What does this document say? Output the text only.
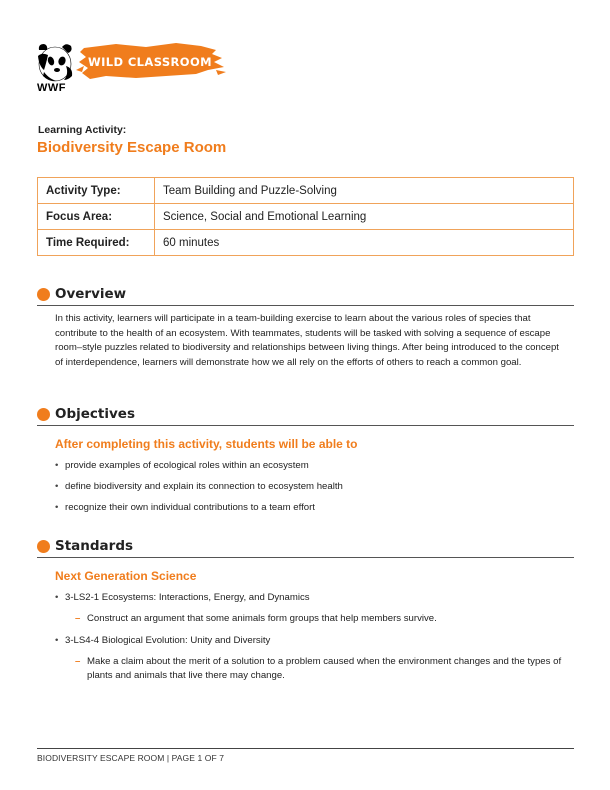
WWF
WILD CLASSROOM
Learning Activity:
Biodiversity Escape Room
Activity Type:	Team Building and Puzzle-Solving
Focus Area:	Science, Social and Emotional Learning
Time Required:	60 minutes
Overview
In this activity, learners will participate in a team-building exercise to learn about the various roles of species that contribute to the health of an ecosystem. With teammates, students will be tasked with solving a sequence of escape room–style puzzles related to biodiversity and relationships between living things. After being introduced to the concept of interdependence, learners will demonstrate how we all rely on the efforts of others to reach a common goal.
Objectives
After completing this activity, students will be able to
• provide examples of ecological roles within an ecosystem
• define biodiversity and explain its connection to ecosystem health
• recognize their own individual contributions to a team effort
Standards
Next Generation Science
• 3-LS2-1 Ecosystems: Interactions, Energy, and Dynamics
– Construct an argument that some animals form groups that help members survive.
• 3-LS4-4 Biological Evolution: Unity and Diversity
– Make a claim about the merit of a solution to a problem caused when the environment changes and the types of plants and animals that live there may change.
BIODIVERSITY ESCAPE ROOM | PAGE 1 OF 7
